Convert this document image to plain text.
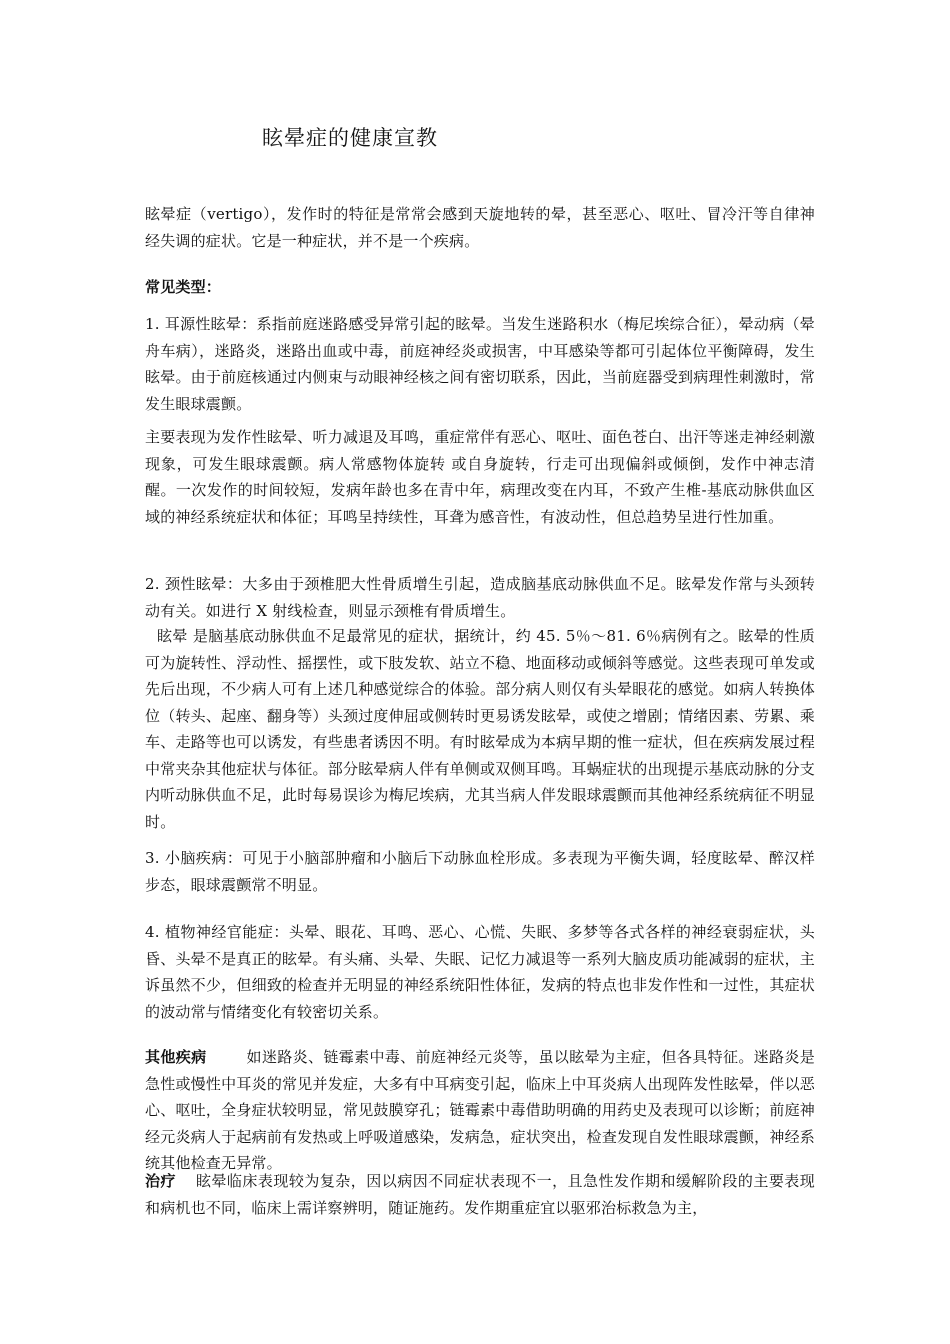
眩晕症的健康宣教

眩晕症（vertigo），发作时的特征是常常会感到天旋地转的晕，甚至恶心、呕吐、冒冷汗等自律神经失调的症状。它是一种症状，并不是一个疾病。

常见类型：

1. 耳源性眩晕：系指前庭迷路感受异常引起的眩晕。当发生迷路积水（梅尼埃综合征），晕动病（晕舟车病），迷路炎，迷路出血或中毒，前庭神经炎或损害，中耳感染等都可引起体位平衡障碍，发生眩晕。由于前庭核通过内侧束与动眼神经核之间有密切联系，因此，当前庭器受到病理性刺激时，常发生眼球震颤。

主要表现为发作性眩晕、听力减退及耳鸣，重症常伴有恶心、呕吐、面色苍白、出汗等迷走神经刺激现象，可发生眼球震颤。病人常感物体旋转 或自身旋转，行走可出现偏斜或倾倒，发作中神志清醒。一次发作的时间较短，发病年龄也多在青中年，病理改变在内耳，不致产生椎-基底动脉供血区域的神经系统症状和体征；耳鸣呈持续性，耳聋为感音性，有波动性，但总趋势呈进行性加重。

2. 颈性眩晕：大多由于颈椎肥大性骨质增生引起，造成脑基底动脉供血不足。眩晕发作常与头颈转动有关。如进行 X 射线检查，则显示颈椎有骨质增生。

眩晕 是脑基底动脉供血不足最常见的症状，据统计，约 45. 5％～81. 6％病例有之。眩晕的性质可为旋转性、浮动性、摇摆性，或下肢发软、站立不稳、地面移动或倾斜等感觉。这些表现可单发或先后出现，不少病人可有上述几种感觉综合的体验。部分病人则仅有头晕眼花的感觉。如病人转换体位（转头、起座、翻身等）头颈过度伸屈或侧转时更易诱发眩晕，或使之增剧；情绪因素、劳累、乘车、走路等也可以诱发，有些患者诱因不明。有时眩晕成为本病早期的惟一症状，但在疾病发展过程中常夹杂其他症状与体征。部分眩晕病人伴有单侧或双侧耳鸣。耳蜗症状的出现提示基底动脉的分支内听动脉供血不足，此时每易误诊为梅尼埃病，尤其当病人伴发眼球震颤而其他神经系统病征不明显时。

3. 小脑疾病：可见于小脑部肿瘤和小脑后下动脉血栓形成。多表现为平衡失调，轻度眩晕、醉汉样步态，眼球震颤常不明显。

4. 植物神经官能症：头晕、眼花、耳鸣、恶心、心慌、失眠、多梦等各式各样的神经衰弱症状，头昏、头晕不是真正的眩晕。有头痛、头晕、失眠、记忆力减退等一系列大脑皮质功能减弱的症状，主诉虽然不少，但细致的检查并无明显的神经系统阳性体征，发病的特点也非发作性和一过性，其症状的波动常与情绪变化有较密切关系。

其他疾病	如迷路炎、链霉素中毒、前庭神经元炎等，虽以眩晕为主症，但各具特征。迷路炎是急性或慢性中耳炎的常见并发症，大多有中耳病变引起，临床上中耳炎病人出现阵发性眩晕，伴以恶心、呕吐，全身症状较明显，常见鼓膜穿孔；链霉素中毒借助明确的用药史及表现可以诊断；前庭神经元炎病人于起病前有发热或上呼吸道感染，发病急，症状突出，检查发现自发性眼球震颤，神经系统其他检查无异常。

治疗 眩晕临床表现较为复杂，因以病因不同症状表现不一，且急性发作期和缓解阶段的主要表现和病机也不同，临床上需详察辨明，随证施药。发作期重症宜以驱邪治标救急为主，
